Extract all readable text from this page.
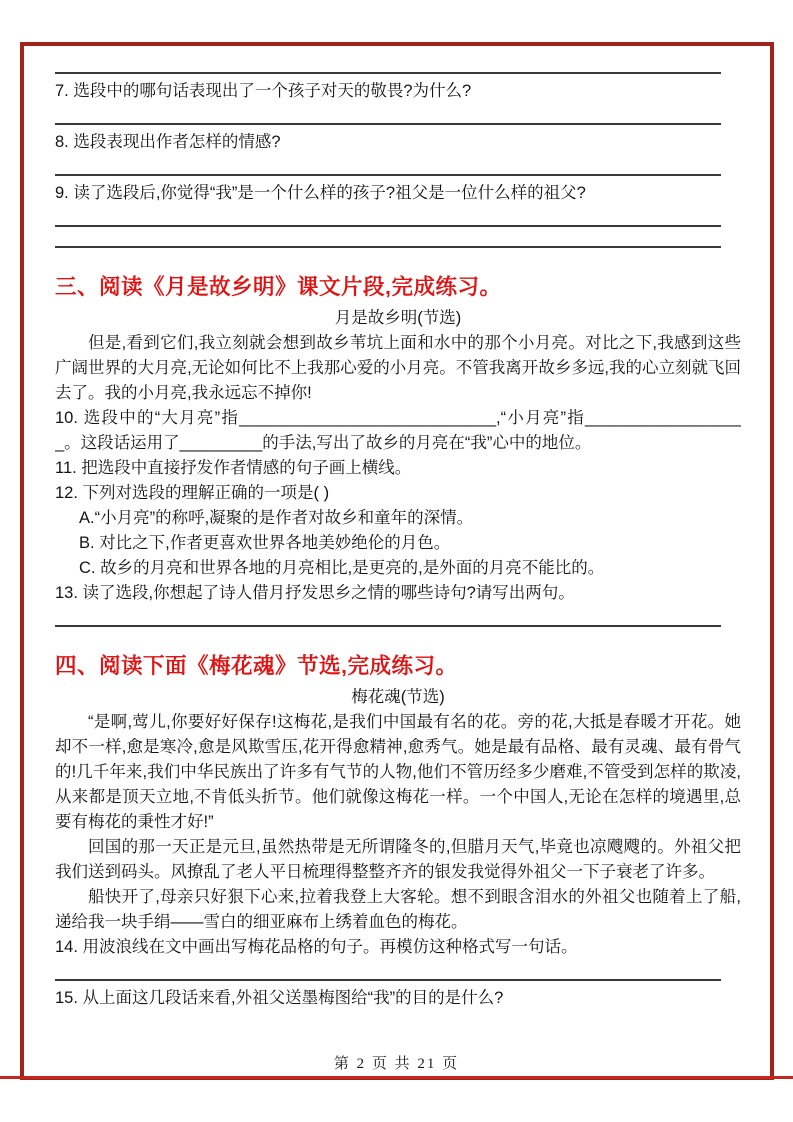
7. 选段中的哪句话表现出了一个孩子对天的敬畏?为什么?
8. 选段表现出作者怎样的情感?
9. 读了选段后,你觉得“我”是一个什么样的孩子?祖父是一位什么样的祖父?
三、阅读《月是故乡明》课文片段,完成练习。
月是故乡明(节选)
但是,看到它们,我立刻就会想到故乡苇坑上面和水中的那个小月亮。对比之下,我感到这些广阔世界的大月亮,无论如何比不上我那心爱的小月亮。不管我离开故乡多远,我的心立刻就飞回去了。我的小月亮,我永远忘不掉你!
10. 选段中的“大月亮”指____________________________,“小月亮”指__________________。这段话运用了_________的手法,写出了故乡的月亮在“我”心中的地位。
11. 把选段中直接抒发作者情感的句子画上横线。
12. 下列对选段的理解正确的一项是( )
A.“小月亮”的称呼,凝聚的是作者对故乡和童年的深情。
B. 对比之下,作者更喜欢世界各地美妙绝伦的月色。
C. 故乡的月亮和世界各地的月亮相比,是更亮的,是外面的月亮不能比的。
13. 读了选段,你想起了诗人借月抒发思乡之情的哪些诗句?请写出两句。
四、阅读下面《梅花魂》节选,完成练习。
梅花魂(节选)
“是啊,莺儿,你要好好保存!这梅花,是我们中国最有名的花。旁的花,大抵是春暖才开花。她却不一样,愈是寒冷,愈是风欺雪压,花开得愈精神,愈秀气。她是最有品格、最有灵魂、最有骨气的!几千年来,我们中华民族出了许多有气节的人物,他们不管历经多少磨难,不管受到怎样的欺凌,从来都是顶天立地,不肯低头折节。他们就像这梅花一样。一个中国人,无论在怎样的境遇里,总要有梅花的秉性才好!”
回国的那一天正是元旦,虽然热带是无所谓隆冬的,但腊月天气,毕竟也凉飕飕的。外祖父把我们送到码头。风撩乱了老人平日梳理得整整齐齐的银发我觉得外祖父一下子衰老了许多。
船快开了,母亲只好狠下心来,拉着我登上大客轮。想不到眼含泪水的外祖父也随着上了船,递给我一块手绢——雪白的细亚麻布上绣着血色的梅花。
14. 用波浪线在文中画出写梅花品格的句子。再模仿这种格式写一句话。
15. 从上面这几段话来看,外祖父送墨梅图给“我”的目的是什么?
第 2 页 共 21 页
